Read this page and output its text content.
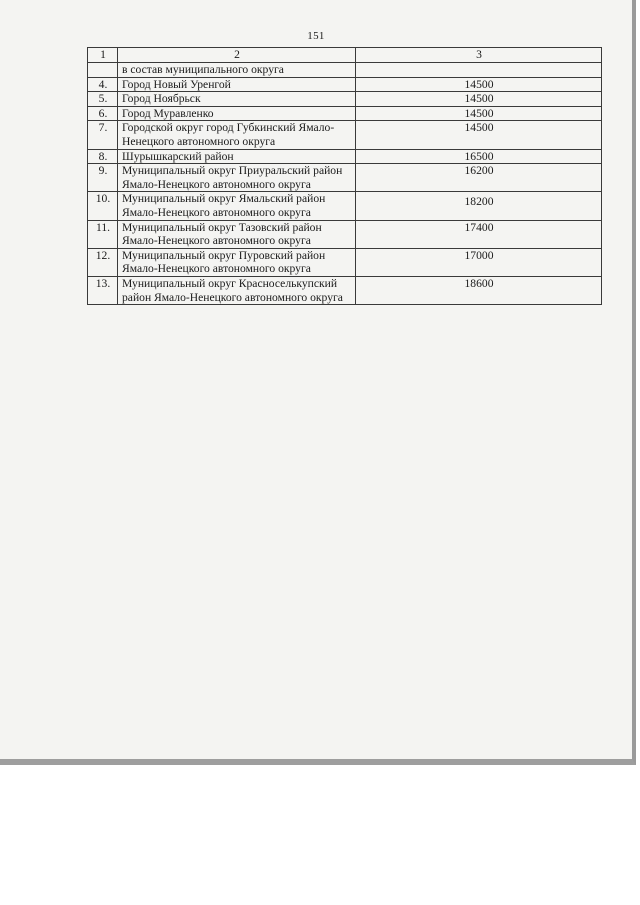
151
1	2	3
	в состав муниципального округа	
4.	Город Новый Уренгой	14500
5.	Город Ноябрьск	14500
6.	Город Муравленко	14500
7.	Городской округ город Губкинский Ямало-Ненецкого автономного округа	14500
8.	Шурышкарский район	16500
9.	Муниципальный округ Приуральский район Ямало-Ненецкого автономного округа	16200
10.	Муниципальный округ Ямальский район Ямало-Ненецкого автономного округа	18200
11.	Муниципальный округ Тазовский район Ямало-Ненецкого автономного округа	17400
12.	Муниципальный округ Пуровский район Ямало-Ненецкого автономного округа	17000
13.	Муниципальный округ Красноселькупский район Ямало-Ненецкого автономного округа	18600
